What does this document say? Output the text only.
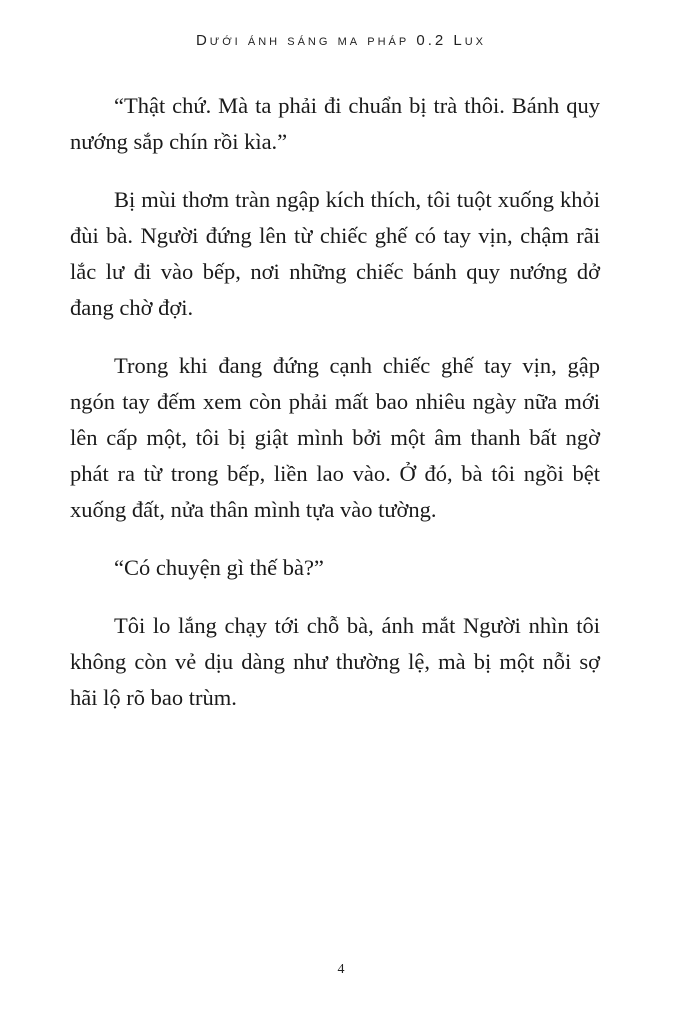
Dưới ánh sáng ma pháp 0.2 Lux

“Thật chứ. Mà ta phải đi chuẩn bị trà thôi. Bánh quy nướng sắp chín rồi kìa.”

Bị mùi thơm tràn ngập kích thích, tôi tuột xuống khỏi đùi bà. Người đứng lên từ chiếc ghế có tay vịn, chậm rãi lắc lư đi vào bếp, nơi những chiếc bánh quy nướng dở đang chờ đợi.

Trong khi đang đứng cạnh chiếc ghế tay vịn, gập ngón tay đếm xem còn phải mất bao nhiêu ngày nữa mới lên cấp một, tôi bị giật mình bởi một âm thanh bất ngờ phát ra từ trong bếp, liền lao vào. Ở đó, bà tôi ngồi bệt xuống đất, nửa thân mình tựa vào tường.

“Có chuyện gì thế bà?”

Tôi lo lắng chạy tới chỗ bà, ánh mắt Người nhìn tôi không còn vẻ dịu dàng như thường lệ, mà bị một nỗi sợ hãi lộ rõ bao trùm.

4
